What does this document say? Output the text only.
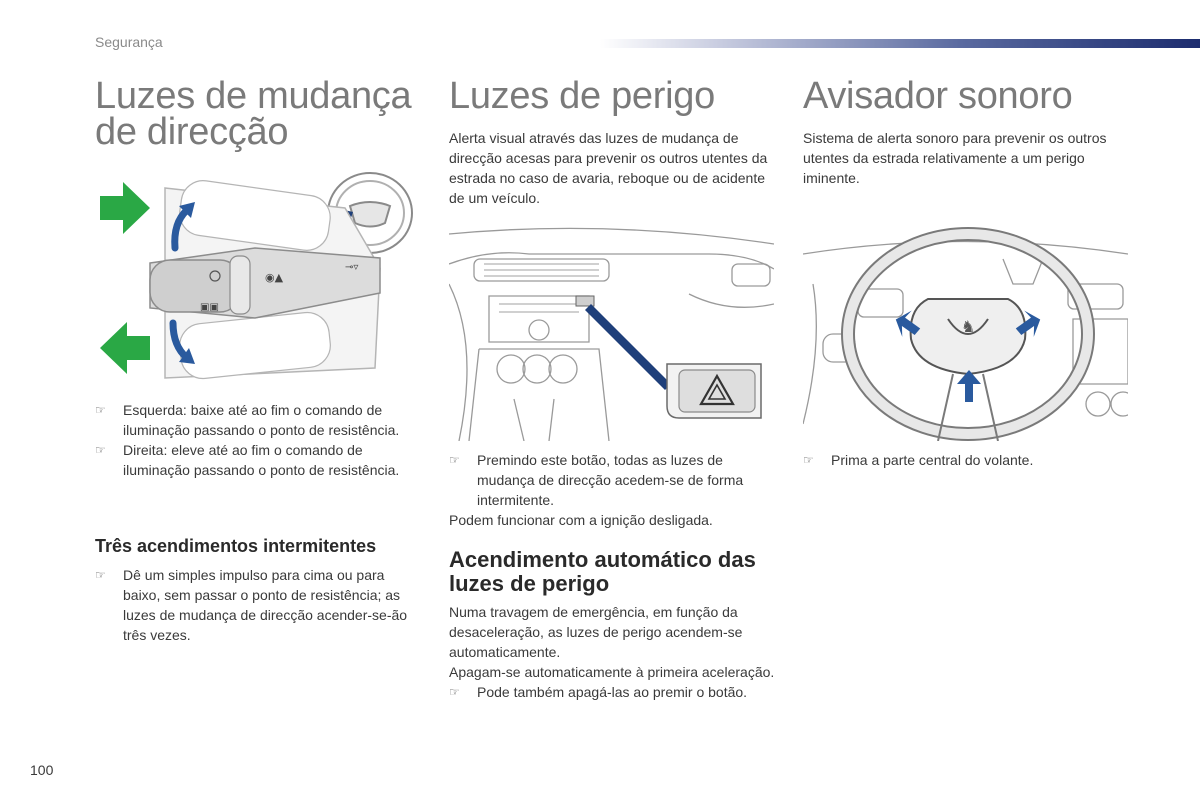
Segurança
Luzes de mudança de direcção
◉▲
▣▣
⊸▿

☞	Esquerda: baixe até ao fim o comando de iluminação passando o ponto de resistência.

☞	Direita: eleve até ao fim o comando de iluminação passando o ponto de resistência.

Três acendimentos intermitentes

☞	Dê um simples impulso para cima ou para baixo, sem passar o ponto de resistência; as luzes de mudança de direcção acender-se-ão três vezes.

Luzes de perigo

Alerta visual através das luzes de mudança de direcção acesas para prevenir os outros utentes da estrada no caso de avaria, reboque ou de acidente de um veículo.

☞	Premindo este botão, todas as luzes de mudança de direcção acedem-se de forma intermitente.

Podem funcionar com a ignição desligada.

Acendimento automático das luzes de perigo

Numa travagem de emergência, em função da desaceleração, as luzes de perigo acendem-se automaticamente.

Apagam-se automaticamente à primeira aceleração.

☞	Pode também apagá-las ao premir o botão.

Avisador sonoro

Sistema de alerta sonoro para prevenir os outros utentes da estrada relativamente a um perigo iminente.

♞

☞	Prima a parte central do volante.

100
